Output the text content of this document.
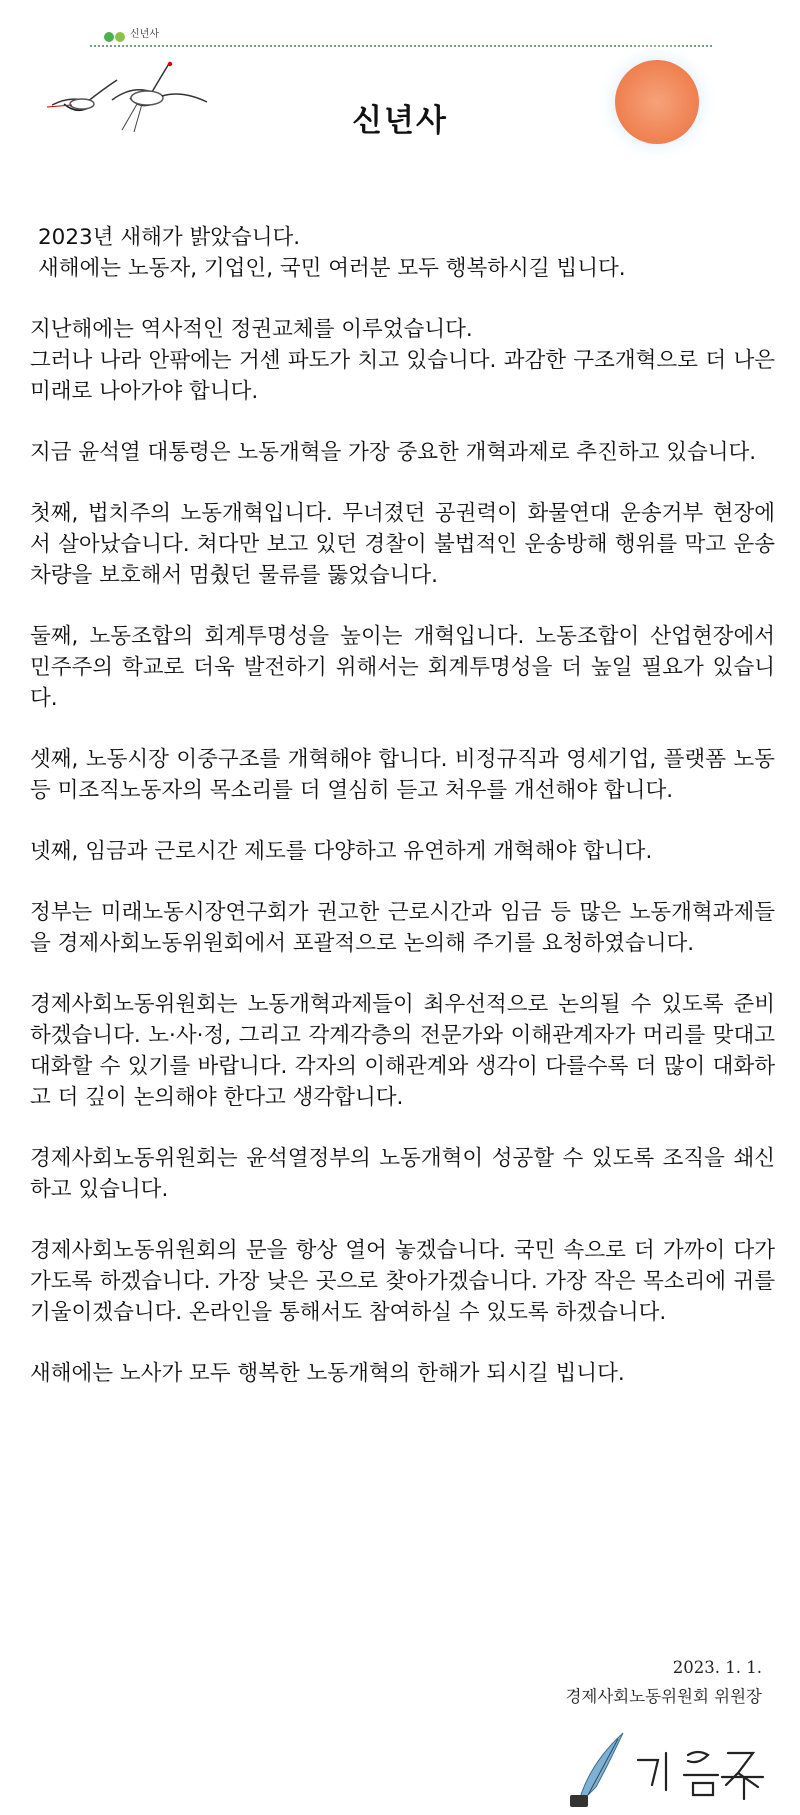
신년사
신년사

2023년 새해가 밝았습니다.
새해에는 노동자, 기업인, 국민 여러분 모두 행복하시길 빕니다.

지난해에는 역사적인 정권교체를 이루었습니다.
그러나 나라 안팎에는 거센 파도가 치고 있습니다. 과감한 구조개혁으로 더 나은 미래로 나아가야 합니다.

지금 윤석열 대통령은 노동개혁을 가장 중요한 개혁과제로 추진하고 있습니다.

첫째, 법치주의 노동개혁입니다. 무너졌던 공권력이 화물연대 운송거부 현장에서 살아났습니다. 쳐다만 보고 있던 경찰이 불법적인 운송방해 행위를 막고 운송차량을 보호해서 멈췄던 물류를 뚫었습니다.

둘째, 노동조합의 회계투명성을 높이는 개혁입니다. 노동조합이 산업현장에서 민주주의 학교로 더욱 발전하기 위해서는 회계투명성을 더 높일 필요가 있습니다.

셋째, 노동시장 이중구조를 개혁해야 합니다. 비정규직과 영세기업, 플랫폼 노동 등 미조직노동자의 목소리를 더 열심히 듣고 처우를 개선해야 합니다.

넷째, 임금과 근로시간 제도를 다양하고 유연하게 개혁해야 합니다.

정부는 미래노동시장연구회가 권고한 근로시간과 임금 등 많은 노동개혁과제들을 경제사회노동위원회에서 포괄적으로 논의해 주기를 요청하였습니다.

경제사회노동위원회는 노동개혁과제들이 최우선적으로 논의될 수 있도록 준비하겠습니다. 노·사·정, 그리고 각계각층의 전문가와 이해관계자가 머리를 맞대고 대화할 수 있기를 바랍니다. 각자의 이해관계와 생각이 다를수록 더 많이 대화하고 더 깊이 논의해야 한다고 생각합니다.

경제사회노동위원회는 윤석열정부의 노동개혁이 성공할 수 있도록 조직을 쇄신하고 있습니다.

경제사회노동위원회의 문을 항상 열어 놓겠습니다. 국민 속으로 더 가까이 다가가도록 하겠습니다. 가장 낮은 곳으로 찾아가겠습니다. 가장 작은 목소리에 귀를 기울이겠습니다. 온라인을 통해서도 참여하실 수 있도록 하겠습니다.

새해에는 노사가 모두 행복한 노동개혁의 한해가 되시길 빕니다.

2023. 1. 1.
경제사회노동위원회 위원장
